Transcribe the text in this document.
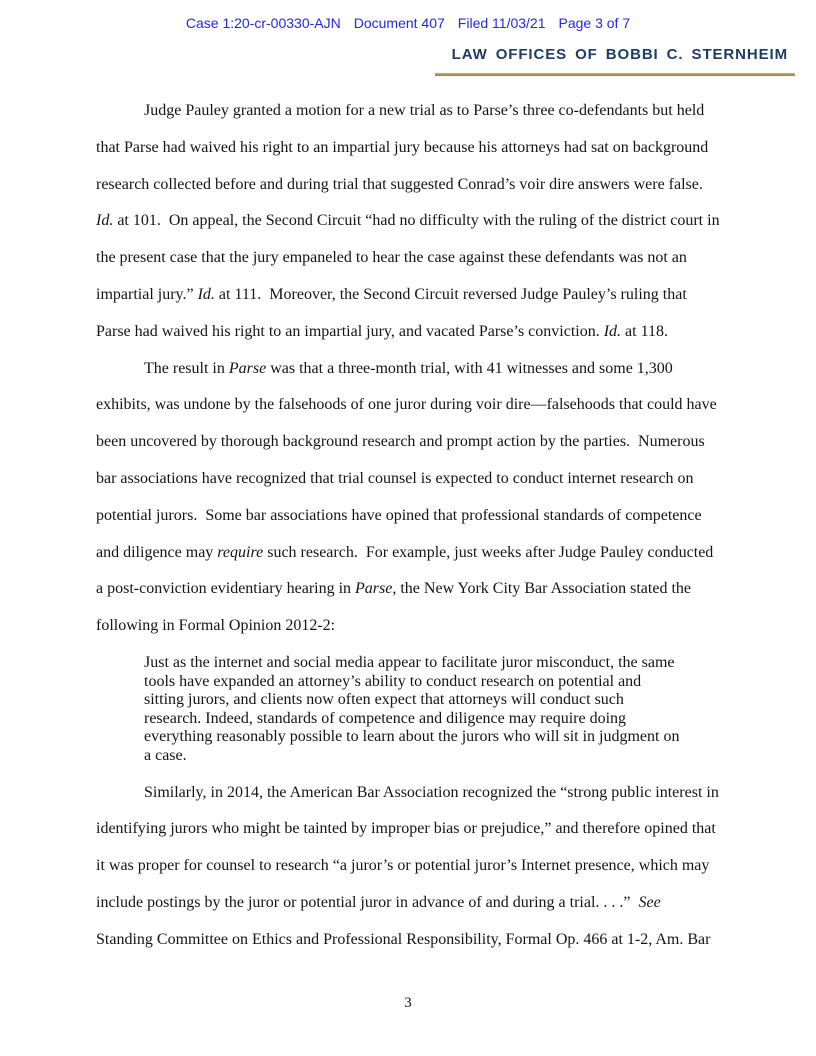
Case 1:20-cr-00330-AJN Document 407 Filed 11/03/21 Page 3 of 7
LAW OFFICES OF BOBBI C. STERNHEIM

Judge Pauley granted a motion for a new trial as to Parse’s three co-defendants but held that Parse had waived his right to an impartial jury because his attorneys had sat on background research collected before and during trial that suggested Conrad’s voir dire answers were false.  Id. at 101.  On appeal, the Second Circuit “had no difficulty with the ruling of the district court in the present case that the jury empaneled to hear the case against these defendants was not an impartial jury.” Id. at 111.  Moreover, the Second Circuit reversed Judge Pauley’s ruling that Parse had waived his right to an impartial jury, and vacated Parse’s conviction. Id. at 118.

The result in Parse was that a three-month trial, with 41 witnesses and some 1,300 exhibits, was undone by the falsehoods of one juror during voir dire—falsehoods that could have been uncovered by thorough background research and prompt action by the parties.  Numerous bar associations have recognized that trial counsel is expected to conduct internet research on potential jurors.  Some bar associations have opined that professional standards of competence and diligence may require such research.  For example, just weeks after Judge Pauley conducted a post-conviction evidentiary hearing in Parse, the New York City Bar Association stated the following in Formal Opinion 2012-2:

Just as the internet and social media appear to facilitate juror misconduct, the same tools have expanded an attorney’s ability to conduct research on potential and sitting jurors, and clients now often expect that attorneys will conduct such research. Indeed, standards of competence and diligence may require doing everything reasonably possible to learn about the jurors who will sit in judgment on a case.

Similarly, in 2014, the American Bar Association recognized the “strong public interest in identifying jurors who might be tainted by improper bias or prejudice,” and therefore opined that it was proper for counsel to research “a juror’s or potential juror’s Internet presence, which may include postings by the juror or potential juror in advance of and during a trial. . . .”  See Standing Committee on Ethics and Professional Responsibility, Formal Op. 466 at 1-2, Am. Bar

3
